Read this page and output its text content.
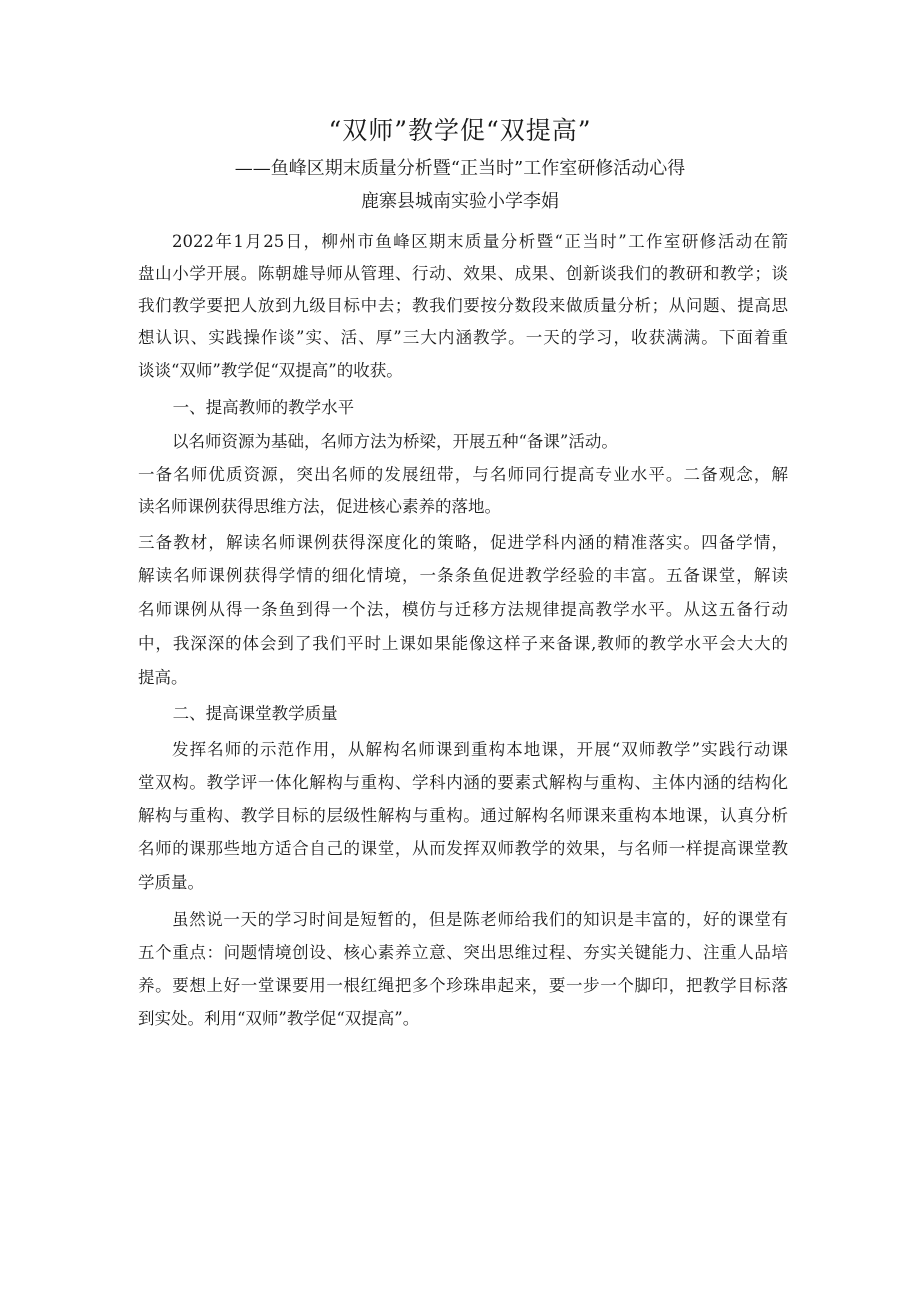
“双师”教学促“双提高”
——鱼峰区期末质量分析暨“正当时”工作室研修活动心得
鹿寨县城南实验小学李娟
2022年1月25日，柳州市鱼峰区期末质量分析暨“正当时”工作室研修活动在箭
盘山小学开展。陈朝雄导师从管理、行动、效果、成果、创新谈我们的教研和教学；谈
我们教学要把人放到九级目标中去；教我们要按分数段来做质量分析；从问题、提高思
想认识、实践操作谈”实、活、厚”三大内涵教学。一天的学习，收获满满。下面着重
谈谈“双师”教学促“双提高”的收获。
一、提高教师的教学水平
以名师资源为基础，名师方法为桥梁，开展五种“备课”活动。
一备名师优质资源，突出名师的发展纽带，与名师同行提高专业水平。二备观念，解
读名师课例获得思维方法，促进核心素养的落地。
三备教材，解读名师课例获得深度化的策略，促进学科内涵的精准落实。四备学情，
解读名师课例获得学情的细化情境，一条条鱼促进教学经验的丰富。五备课堂，解读
名师课例从得一条鱼到得一个法，模仿与迁移方法规律提高教学水平。从这五备行动
中，我深深的体会到了我们平时上课如果能像这样子来备课,教师的教学水平会大大的
提高。
二、提高课堂教学质量
发挥名师的示范作用，从解构名师课到重构本地课，开展“双师教学”实践行动课
堂双构。教学评一体化解构与重构、学科内涵的要素式解构与重构、主体内涵的结构化
解构与重构、教学目标的层级性解构与重构。通过解构名师课来重构本地课，认真分析
名师的课那些地方适合自己的课堂，从而发挥双师教学的效果，与名师一样提高课堂教
学质量。
虽然说一天的学习时间是短暂的，但是陈老师给我们的知识是丰富的，好的课堂有
五个重点：问题情境创设、核心素养立意、突出思维过程、夯实关键能力、注重人品培
养。要想上好一堂课要用一根红绳把多个珍珠串起来，要一步一个脚印，把教学目标落
到实处。利用“双师”教学促“双提高”。
